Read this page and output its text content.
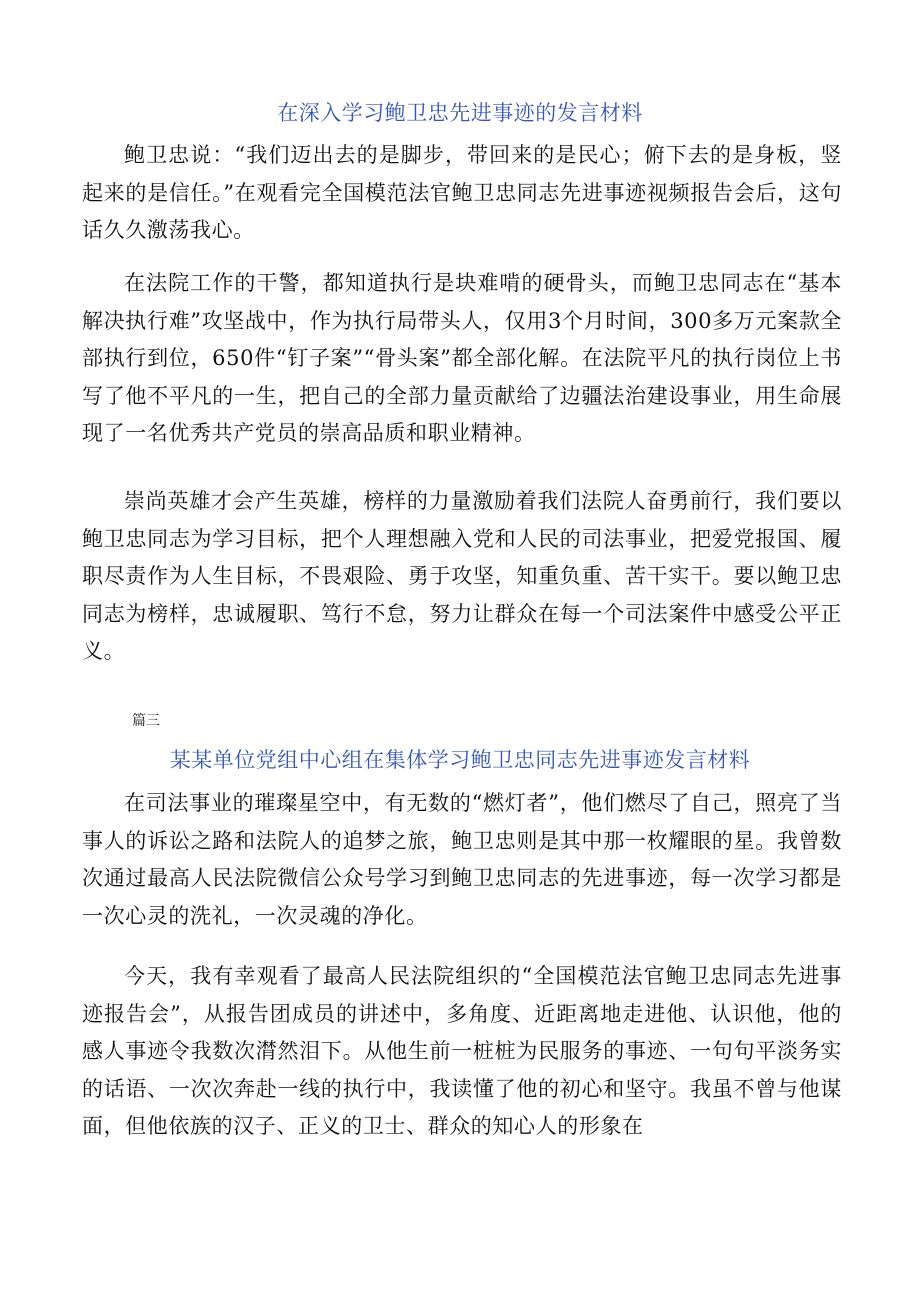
在深入学习鲍卫忠先进事迹的发言材料

鲍卫忠说：“我们迈出去的是脚步，带回来的是民心；俯下去的是身板，竖起来的是信任。”在观看完全国模范法官鲍卫忠同志先进事迹视频报告会后，这句话久久激荡我心。

在法院工作的干警，都知道执行是块难啃的硬骨头，而鲍卫忠同志在“基本解决执行难”攻坚战中，作为执行局带头人，仅用3个月时间，300多万元案款全部执行到位，650件“钉子案”“骨头案”都全部化解。在法院平凡的执行岗位上书写了他不平凡的一生，把自己的全部力量贡献给了边疆法治建设事业，用生命展现了一名优秀共产党员的崇高品质和职业精神。

崇尚英雄才会产生英雄，榜样的力量激励着我们法院人奋勇前行，我们要以鲍卫忠同志为学习目标，把个人理想融入党和人民的司法事业，把爱党报国、履职尽责作为人生目标，不畏艰险、勇于攻坚，知重负重、苦干实干。要以鲍卫忠同志为榜样，忠诚履职、笃行不怠，努力让群众在每一个司法案件中感受公平正义。

篇三
某某单位党组中心组在集体学习鲍卫忠同志先进事迹发言材料

在司法事业的璀璨星空中，有无数的“燃灯者”，他们燃尽了自己，照亮了当事人的诉讼之路和法院人的追梦之旅，鲍卫忠则是其中那一枚耀眼的星。我曾数次通过最高人民法院微信公众号学习到鲍卫忠同志的先进事迹，每一次学习都是一次心灵的洗礼，一次灵魂的净化。

今天，我有幸观看了最高人民法院组织的“全国模范法官鲍卫忠同志先进事迹报告会”，从报告团成员的讲述中，多角度、近距离地走进他、认识他，他的感人事迹令我数次潸然泪下。从他生前一桩桩为民服务的事迹、一句句平淡务实的话语、一次次奔赴一线的执行中，我读懂了他的初心和坚守。我虽不曾与他谋面，但他依族的汉子、正义的卫士、群众的知心人的形象在
